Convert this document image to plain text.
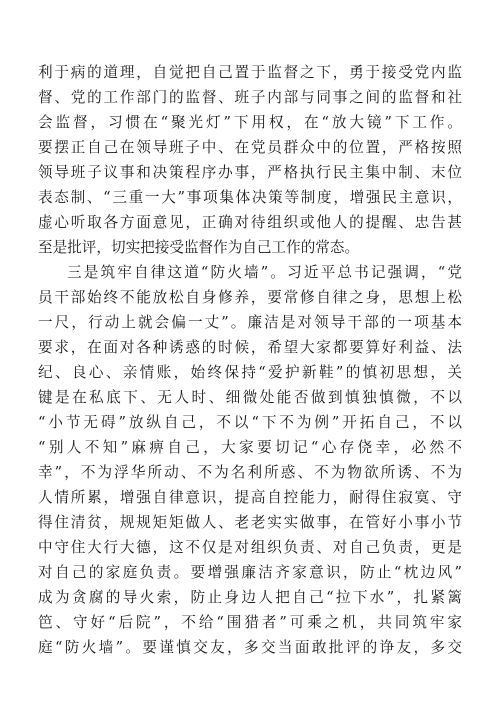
利于病的道理，自觉把自己置于监督之下，勇于接受党内监
督、党的工作部门的监督、班子内部与同事之间的监督和社
会监督，习惯在“聚光灯”下用权，在“放大镜”下工作。
要摆正自己在领导班子中、在党员群众中的位置，严格按照
领导班子议事和决策程序办事，严格执行民主集中制、末位
表态制、“三重一大”事项集体决策等制度，增强民主意识，
虚心听取各方面意见，正确对待组织或他人的提醒、忠告甚
至是批评，切实把接受监督作为自己工作的常态。
三是筑牢自律这道“防火墙”。习近平总书记强调，“党
员干部始终不能放松自身修养，要常修自律之身，思想上松
一尺，行动上就会偏一丈”。廉洁是对领导干部的一项基本
要求，在面对各种诱惑的时候，希望大家都要算好利益、法
纪、良心、亲情账，始终保持“爱护新鞋”的慎初思想，关
键是在私底下、无人时、细微处能否做到慎独慎微，不以
“小节无碍”放纵自己，不以“下不为例”开拓自己，不以
“别人不知”麻痹自己，大家要切记“心存侥幸，必然不
幸”，不为浮华所动、不为名利所惑、不为物欲所诱、不为
人情所累，增强自律意识，提高自控能力，耐得住寂寞、守
得住清贫，规规矩矩做人、老老实实做事，在管好小事小节
中守住大行大德，这不仅是对组织负责、对自己负责，更是
对自己的家庭负责。要增强廉洁齐家意识，防止“枕边风”
成为贪腐的导火索，防止身边人把自己“拉下水”，扎紧篱
笆、守好“后院”，不给“围猎者”可乘之机，共同筑牢家
庭“防火墙”。要谨慎交友，多交当面敢批评的诤友，多交
